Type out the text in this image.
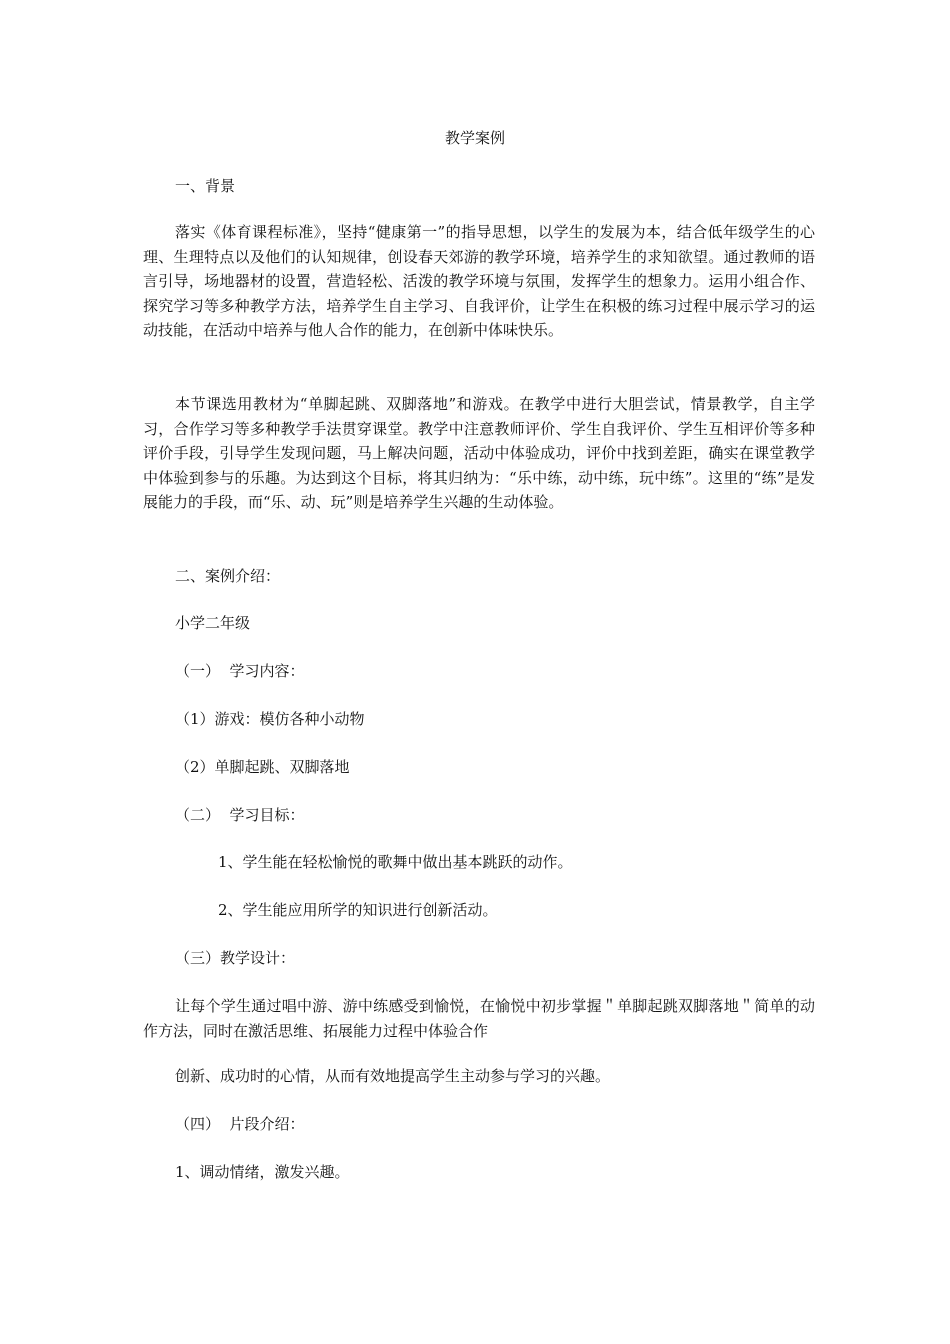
教学案例
一、背景
落实《体育课程标准》，坚持“健康第一”的指导思想，以学生的发展为本，结合低年级学生的心理、生理特点以及他们的认知规律，创设春天郊游的教学环境，培养学生的求知欲望。通过教师的语言引导，场地器材的设置，营造轻松、活泼的教学环境与氛围，发挥学生的想象力。运用小组合作、探究学习等多种教学方法，培养学生自主学习、自我评价，让学生在积极的练习过程中展示学习的运动技能，在活动中培养与他人合作的能力，在创新中体味快乐。
本节课选用教材为“单脚起跳、双脚落地”和游戏。在教学中进行大胆尝试，情景教学，自主学习，合作学习等多种教学手法贯穿课堂。教学中注意教师评价、学生自我评价、学生互相评价等多种评价手段，引导学生发现问题，马上解决问题，活动中体验成功，评价中找到差距，确实在课堂教学中体验到参与的乐趣。为达到这个目标，将其归纳为：“乐中练，动中练，玩中练”。这里的“练”是发展能力的手段，而“乐、动、玩”则是培养学生兴趣的生动体验。
二、案例介绍：
小学二年级
（一）  学习内容：
（1）游戏：模仿各种小动物
（2）单脚起跳、双脚落地
（二）  学习目标：
1、学生能在轻松愉悦的歌舞中做出基本跳跃的动作。
2、学生能应用所学的知识进行创新活动。
（三）教学设计：
让每个学生通过唱中游、游中练感受到愉悦，在愉悦中初步掌握＂单脚起跳双脚落地＂简单的动作方法，同时在激活思维、拓展能力过程中体验合作
创新、成功时的心情，从而有效地提高学生主动参与学习的兴趣。
（四）  片段介绍：
1、调动情绪，激发兴趣。
